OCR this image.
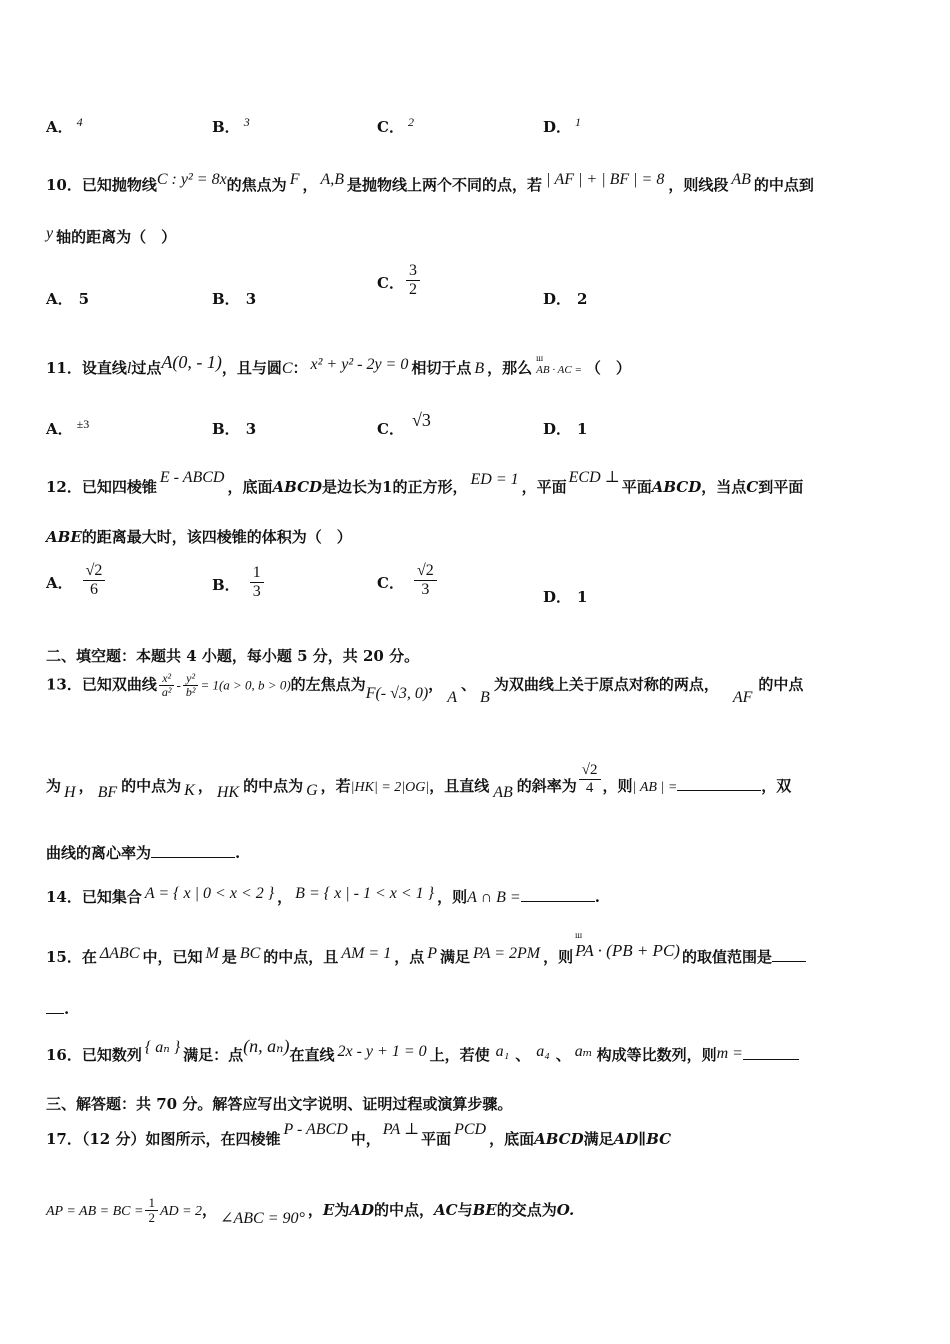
A． $^4$	B． $^3$	C． $^2$	D． $^1$
10．已知抛物线C : y² = 8x的焦点为 F ， A,B 是抛物线上两个不同的点，若 | AF | + | BF | = 8 ，则线段 AB 的中点到
y 轴的距离为（　）
A． 5	B． 3
C． $\frac{3}{2}$
D． 2
11．设直线l过点A(0, - 1)，且与圆C： x² + y² - 2y = 0 相切于点 B ，那么 ш AB · AC = （　）
A． $^{\pm 3}$	B． 3	C． √3	D． 1
12．已知四棱锥E - ABCD，底面ABCD是边长为1的正方形， ED = 1 ，平面ECD ⊥平面ABCD，当点C到平面
ABE的距离最大时，该四棱锥的体积为（　）
A． $\frac{√2}{6}$	B． $\frac{1}{3}$	C． $\frac{√2}{3}$	D． 1
二、填空题：本题共 4 小题，每小题 5 分，共 20 分。
13．已知双曲线 $\frac{\text{x²}}{\text{a²}} - \frac{\text{y²}}{\text{b²}} = 1(a > 0$, b > 0)的左焦点为F(- √3, 0)，A、B为双曲线上关于原点对称的两点，AF的中点
为 H ， BF 的中点为 K ， HK 的中点为 G ，若|HK| = 2|OG|，且直线 AB 的斜率为 $\frac{√2}{4}$ ，则| AB | =	，双
曲线的离心率为	.
14．已知集合 A = { x | 0 < x < 2 } ， B = { x | - 1 < x < 1 } ，则A ∩ B =	.
15．在 ΔABC 中，已知 M 是 BC 的中点，且 AM = 1 ，点 P 满足 PA = 2PM ，则 ш PA · (PB + PC) 的取值范围是
.
16．已知数列 { aₙ } 满足：点(n, aₙ)在直线 2x - y + 1 = 0 上，若使 a₁ 、 a₄ 、 aₘ 构成等比数列，则m =
三、解答题：共 70 分。解答应写出文字说明、证明过程或演算步骤。
17．（12 分）如图所示，在四棱锥P - ABCD中，PA ⊥平面PCD，底面ABCD满足AD∥BC
AP = AB = BC = $\frac{1}{2}$ AD = 2， ∠ABC = 90° ，E为AD的中点，AC与BE的交点为O.
